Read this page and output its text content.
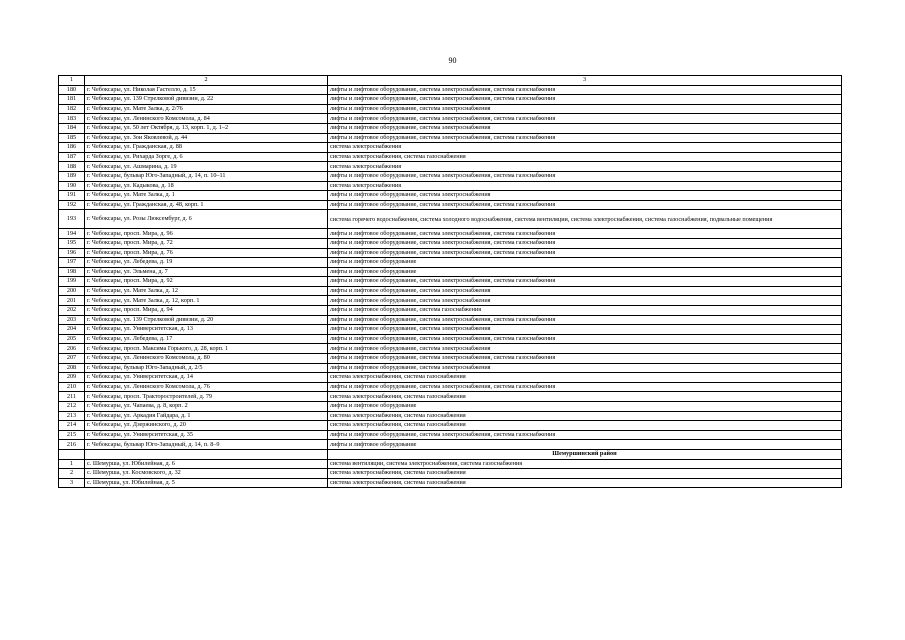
90
1	2	3
180	г. Чебоксары, ул. Николая Гастелло, д. 15	лифты и лифтовое оборудование, система электроснабжения, система газоснабжения
181	г. Чебоксары, ул. 139 Стрелковой дивизии, д. 22	лифты и лифтовое оборудование, система электроснабжения, система газоснабжения
182	г. Чебоксары, ул. Мате Залка, д. 2/76	лифты и лифтовое оборудование, система электроснабжения
183	г. Чебоксары, ул. Ленинского Комсомола, д. 84	лифты и лифтовое оборудование, система электроснабжения, система газоснабжения
184	г. Чебоксары, ул. 50 лет Октября, д. 13, корп. 1, д. 1–2	лифты и лифтовое оборудование, система электроснабжения
185	г. Чебоксары, ул. Зои Яковлевой, д. 44	лифты и лифтовое оборудование, система электроснабжения, система газоснабжения
186	г. Чебоксары, ул. Гражданская, д. 88	система электроснабжения
187	г. Чебоксары, ул. Рихарда Зорге, д. 6	система электроснабжения, система газоснабжения
188	г. Чебоксары, ул. Ашмарина, д. 19	система электроснабжения
189	г. Чебоксары, бульвар Юго-Западный, д. 14, п. 10–11	лифты и лифтовое оборудование, система электроснабжения, система газоснабжения
190	г. Чебоксары, ул. Кадыкова, д. 18	система электроснабжения
191	г. Чебоксары, ул. Мате Залка, д. 1	лифты и лифтовое оборудование, система электроснабжения
192	г. Чебоксары, ул. Гражданская, д. 48, корп. 1	лифты и лифтовое оборудование, система электроснабжения, система газоснабжения
193	г. Чебоксары, ул. Розы Люксембург, д. 6	система горячего водоснабжения, система холодного водоснабжения, система вентиляции, система электроснабжения, система газоснабжения, подвальные помещения
194	г. Чебоксары, просп. Мира, д. 96	лифты и лифтовое оборудование, система электроснабжения, система газоснабжения
195	г. Чебоксары, просп. Мира, д. 72	лифты и лифтовое оборудование, система электроснабжения, система газоснабжения
196	г. Чебоксары, просп. Мира, д. 76	лифты и лифтовое оборудование, система электроснабжения, система газоснабжения
197	г. Чебоксары, ул. Лебедева, д. 19	лифты и лифтовое оборудование
198	г. Чебоксары, ул. Эльмена, д. 7	лифты и лифтовое оборудование
199	г. Чебоксары, просп. Мира, д. 92	лифты и лифтовое оборудование, система электроснабжения, система газоснабжения
200	г. Чебоксары, ул. Мате Залка, д. 12	лифты и лифтовое оборудование, система электроснабжения
201	г. Чебоксары, ул. Мате Залка, д. 12, корп. 1	лифты и лифтовое оборудование, система электроснабжения
202	г. Чебоксары, просп. Мира, д. 94	лифты и лифтовое оборудование, система газоснабжения
203	г. Чебоксары, ул. 139 Стрелковой дивизии, д. 20	лифты и лифтовое оборудование, система электроснабжения, система газоснабжения
204	г. Чебоксары, ул. Университетская, д. 13	лифты и лифтовое оборудование, система электроснабжения
205	г. Чебоксары, ул. Лебедева, д. 17	лифты и лифтовое оборудование, система электроснабжения, система газоснабжения
206	г. Чебоксары, просп. Максима Горького, д. 28, корп. 1	лифты и лифтовое оборудование, система электроснабжения
207	г. Чебоксары, ул. Ленинского Комсомола, д. 80	лифты и лифтовое оборудование, система электроснабжения, система газоснабжения
208	г. Чебоксары, бульвар Юго-Западный, д. 2/5	лифты и лифтовое оборудование, система электроснабжения
209	г. Чебоксары, ул. Университетская, д. 14	система электроснабжения, система газоснабжения
210	г. Чебоксары, ул. Ленинского Комсомола, д. 76	лифты и лифтовое оборудование, система электроснабжения, система газоснабжения
211	г. Чебоксары, просп. Тракторостроителей, д. 79	система электроснабжения, система газоснабжения
212	г. Чебоксары, ул. Чапаева, д. 8, корп. 2	лифты и лифтовое оборудование
213	г. Чебоксары, ул. Аркадия Гайдара, д. 1	система электроснабжения, система газоснабжения
214	г. Чебоксары, ул. Дзержинского, д. 20	система электроснабжения, система газоснабжения
215	г. Чебоксары, ул. Университетская, д. 35	лифты и лифтовое оборудование, система электроснабжения, система газоснабжения
216	г. Чебоксары, бульвар Юго-Западный, д. 14, п. 8–9	лифты и лифтовое оборудование
		Шемуршинский район
1	с. Шемурша, ул. Юбилейная, д. 6	система вентиляции, система электроснабжения, система газоснабжения
2	с. Шемурша, ул. Космовского, д. 32	система электроснабжения, система газоснабжения
3	с. Шемурша, ул. Юбилейная, д. 5	система электроснабжения, система газоснабжения
